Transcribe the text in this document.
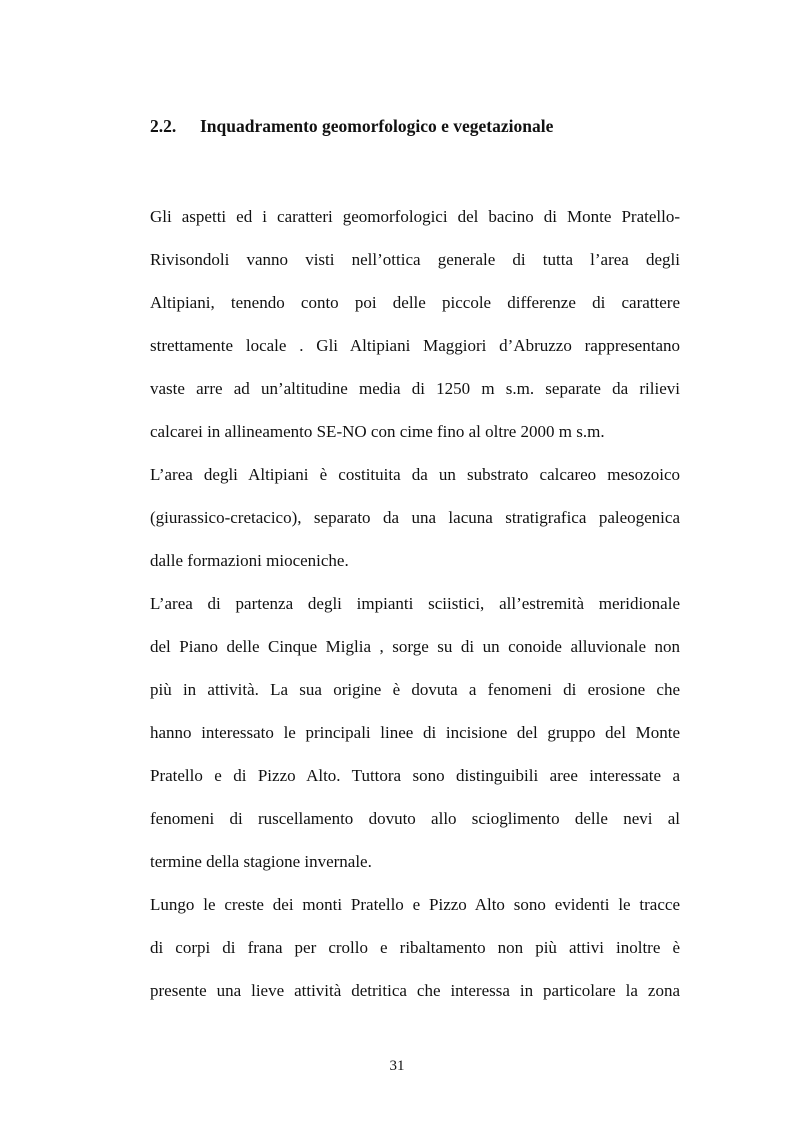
2.2. Inquadramento geomorfologico e vegetazionale
Gli aspetti ed i caratteri geomorfologici del bacino di Monte Pratello-
Rivisondoli vanno visti nell’ottica generale di tutta l’area degli
Altipiani, tenendo conto poi delle piccole differenze di carattere
strettamente locale . Gli Altipiani Maggiori d’Abruzzo rappresentano
vaste arre ad un’altitudine media di 1250 m s.m. separate da rilievi
calcarei in allineamento SE-NO con cime fino al oltre 2000 m s.m.
L’area degli Altipiani è costituita da un substrato calcareo mesozoico
(giurassico-cretacico), separato da una lacuna stratigrafica paleogenica
dalle formazioni mioceniche.
L’area di partenza degli impianti sciistici, all’estremità meridionale
del Piano delle Cinque Miglia , sorge su di un conoide alluvionale non
più in attività. La sua origine è dovuta a fenomeni di erosione che
hanno interessato le principali linee di incisione del gruppo del Monte
Pratello e di Pizzo Alto. Tuttora sono distinguibili aree interessate a
fenomeni di ruscellamento dovuto allo scioglimento delle nevi al
termine della stagione invernale.
Lungo le creste dei monti Pratello e Pizzo Alto sono evidenti le tracce
di corpi di frana per crollo e ribaltamento non più attivi inoltre è
presente una lieve attività detritica che interessa in particolare la zona
31
